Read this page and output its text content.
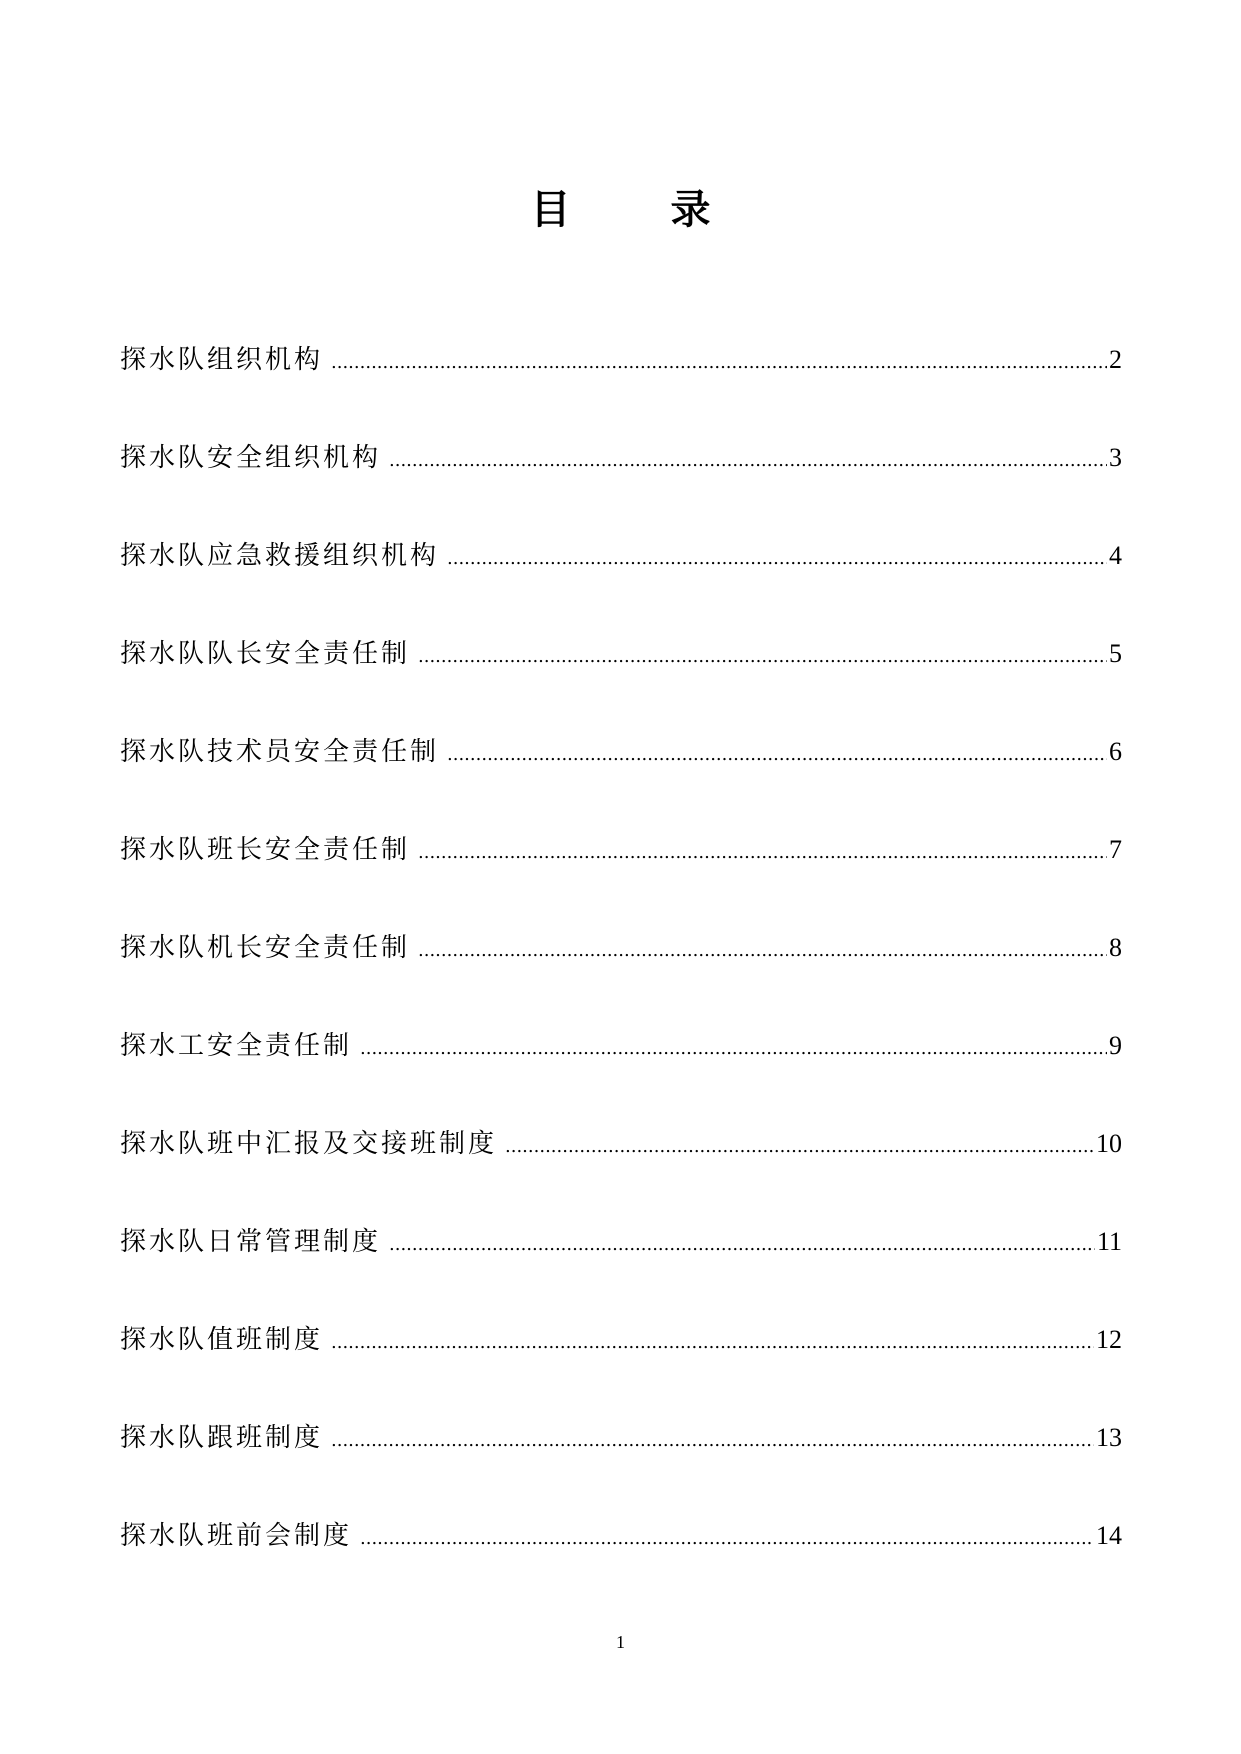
目	录
探水队组织机构 .....	2
探水队安全组织机构 .....	3
探水队应急救援组织机构 .....	4
探水队队长安全责任制 .....	5
探水队技术员安全责任制 .....	6
探水队班长安全责任制 .....	7
探水队机长安全责任制 .....	8
探水工安全责任制 .....	9
探水队班中汇报及交接班制度 .....	10
探水队日常管理制度 .....	11
探水队值班制度 .....	12
探水队跟班制度 .....	13
探水队班前会制度 .....	14
1
